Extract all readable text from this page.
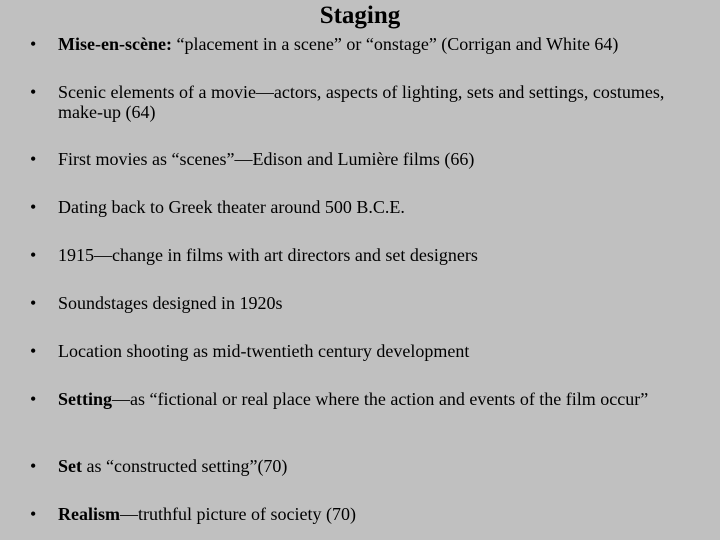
Staging
• Mise-en-scène: “placement in a scene” or “onstage” (Corrigan and White 64)
• Scenic elements of a movie—actors, aspects of lighting, sets and settings, costumes, make-up (64)
• First movies as “scenes”—Edison and Lumière films (66)
• Dating back to Greek theater around 500 B.C.E.
• 1915—change in films with art directors and set designers
• Soundstages designed in 1920s
• Location shooting as mid-twentieth century development
• Setting—as “fictional or real place where the action and events of the film occur”
• Set as “constructed setting”(70)
• Realism—truthful picture of society (70)
